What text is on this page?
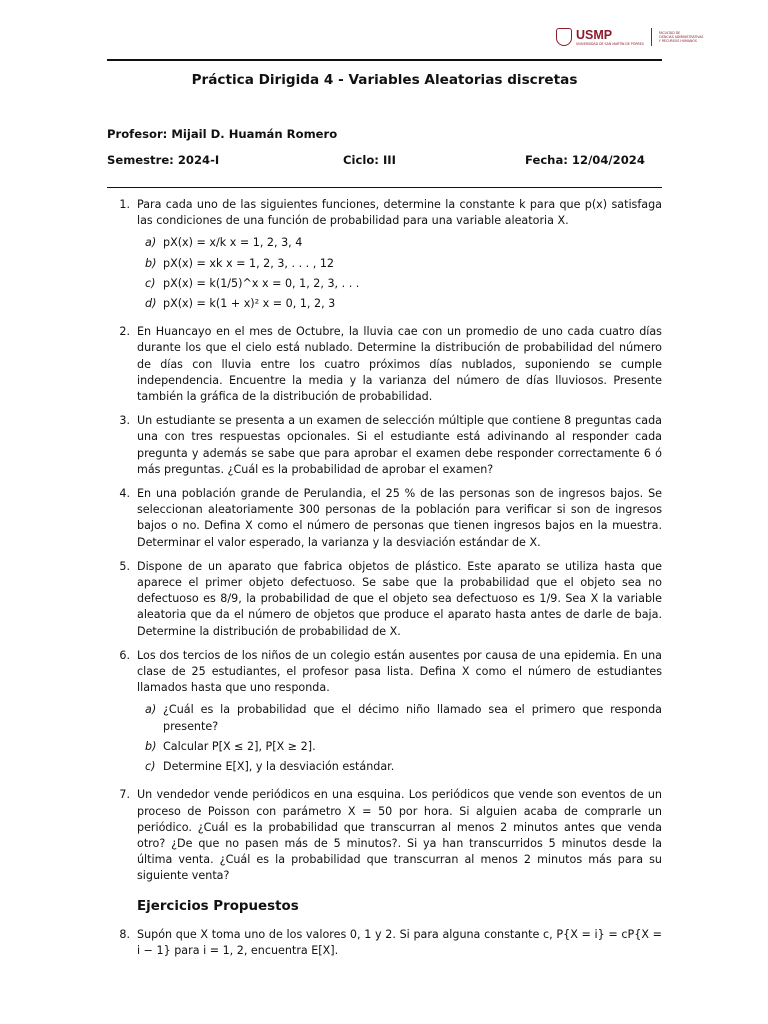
USMP
UNIVERSIDAD DE SAN MARTÍN DE PORRES
FACULTAD DE
CIENCIAS ADMINISTRATIVAS
Y RECURSOS HUMANOS
Práctica Dirigida 4 - Variables Aleatorias discretas
Profesor: Mijail D. Huamán Romero
Semestre: 2024-I	Ciclo: III	Fecha: 12/04/2024
1. Para cada uno de las siguientes funciones, determine la constante k para que p(x) satisfaga las condiciones de una función de probabilidad para una variable aleatoria X.
a) pX(x) = x/k x = 1, 2, 3, 4
b) pX(x) = xk x = 1, 2, 3, . . . , 12
c) pX(x) = k(1/5)^x x = 0, 1, 2, 3, . . .
d) pX(x) = k(1 + x)² x = 0, 1, 2, 3
2. En Huancayo en el mes de Octubre, la lluvia cae con un promedio de uno cada cuatro días durante los que el cielo está nublado. Determine la distribución de probabilidad del número de días con lluvia entre los cuatro próximos días nublados, suponiendo se cumple independencia. Encuentre la media y la varianza del número de días lluviosos. Presente también la gráfica de la distribución de probabilidad.
3. Un estudiante se presenta a un examen de selección múltiple que contiene 8 preguntas cada una con tres respuestas opcionales. Si el estudiante está adivinando al responder cada pregunta y además se sabe que para aprobar el examen debe responder correctamente 6 ó más preguntas. ¿Cuál es la probabilidad de aprobar el examen?
4. En una población grande de Perulandia, el 25 % de las personas son de ingresos bajos. Se seleccionan aleatoriamente 300 personas de la población para verificar si son de ingresos bajos o no. Defina X como el número de personas que tienen ingresos bajos en la muestra. Determinar el valor esperado, la varianza y la desviación estándar de X.
5. Dispone de un aparato que fabrica objetos de plástico. Este aparato se utiliza hasta que aparece el primer objeto defectuoso. Se sabe que la probabilidad que el objeto sea no defectuoso es 8/9, la probabilidad de que el objeto sea defectuoso es 1/9. Sea X la variable aleatoria que da el número de objetos que produce el aparato hasta antes de darle de baja. Determine la distribución de probabilidad de X.
6. Los dos tercios de los niños de un colegio están ausentes por causa de una epidemia. En una clase de 25 estudiantes, el profesor pasa lista. Defina X como el número de estudiantes llamados hasta que uno responda.
a) ¿Cuál es la probabilidad que el décimo niño llamado sea el primero que responda presente?
b) Calcular P[X ≤ 2], P[X ≥ 2].
c) Determine E[X], y la desviación estándar.
7. Un vendedor vende periódicos en una esquina. Los periódicos que vende son eventos de un proceso de Poisson con parámetro X = 50 por hora. Si alguien acaba de comprarle un periódico. ¿Cuál es la probabilidad que transcurran al menos 2 minutos antes que venda otro? ¿De que no pasen más de 5 minutos?. Si ya han transcurridos 5 minutos desde la última venta. ¿Cuál es la probabilidad que transcurran al menos 2 minutos más para su siguiente venta?
Ejercicios Propuestos
8. Supón que X toma uno de los valores 0, 1 y 2. Si para alguna constante c, P{X = i} = cP{X = i − 1} para i = 1, 2, encuentra E[X].
